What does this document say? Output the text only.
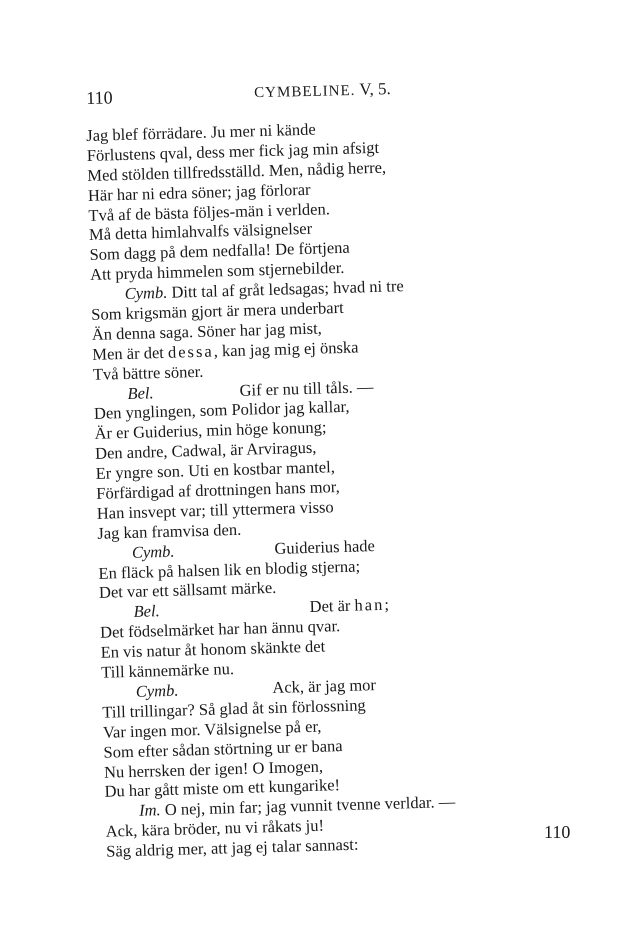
110	CYMBELINE. V, 5.
Jag blef förrädare. Ju mer ni kände
Förlustens qval, dess mer fick jag min afsigt
Med stölden tillfredsställd. Men, nådig herre,
Här har ni edra söner; jag förlorar
Två af de bästa följes-män i verlden.
Må detta himlahvalfs välsignelser
Som dagg på dem nedfalla! De förtjena
Att pryda himmelen som stjernebilder.
Cymb. Ditt tal af gråt ledsagas; hvad ni tre
Som krigsmän gjort är mera underbart
Än denna saga. Söner har jag mist,
Men är det dessa, kan jag mig ej önska
Två bättre söner.
Bel.	Gif er nu till tåls. —
Den ynglingen, som Polidor jag kallar,
Är er Guiderius, min höge konung;
Den andre, Cadwal, är Arviragus,
Er yngre son. Uti en kostbar mantel,
Förfärdigad af drottningen hans mor,
Han insvept var; till yttermera visso
Jag kan framvisa den.
Cymb.	Guiderius hade
En fläck på halsen lik en blodig stjerna;
Det var ett sällsamt märke.
Bel.	Det är han;
Det födselmärket har han ännu qvar.
En vis natur åt honom skänkte det
Till kännemärke nu.
Cymb.	Ack, är jag mor
Till trillingar? Så glad åt sin förlossning
Var ingen mor. Välsignelse på er,
Som efter sådan störtning ur er bana
Nu herrsken der igen! O Imogen,
Du har gått miste om ett kungarike!
Im. O nej, min far; jag vunnit tvenne verldar. —
Ack, kära bröder, nu vi råkats ju!
Säg aldrig mer, att jag ej talar sannast:
110
